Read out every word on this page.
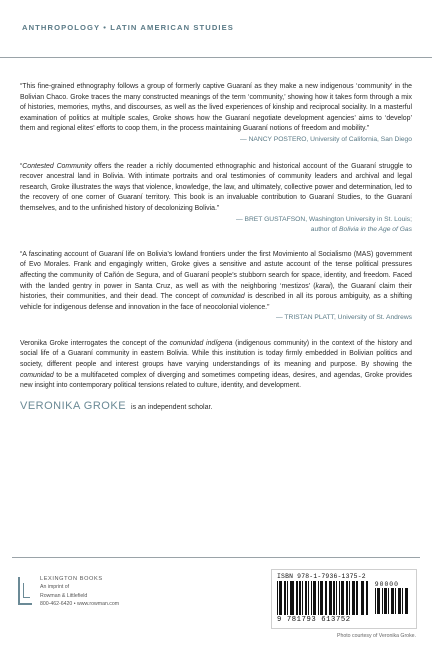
ANTHROPOLOGY • LATIN AMERICAN STUDIES
“This fine-grained ethnography follows a group of formerly captive Guaraní as they make a new indigenous ‘community’ in the Bolivian Chaco. Groke traces the many constructed meanings of the term ‘community,’ showing how it takes form through a mix of histories, memories, myths, and discourses, as well as the lived experiences of kinship and reciprocal sociality. In a masterful examination of politics at multiple scales, Groke shows how the Guaraní negotiate development agencies’ aims to ‘develop’ them and regional elites’ efforts to coop them, in the process maintaining Guaraní notions of freedom and mobility.”
— NANCY POSTERO, University of California, San Diego
“Contested Community offers the reader a richly documented ethnographic and historical account of the Guaraní struggle to recover ancestral land in Bolivia. With intimate portraits and oral testimonies of community leaders and archival and legal research, Groke illustrates the ways that violence, knowledge, the law, and ultimately, collective power and determination, led to the recovery of one corner of Guaraní territory. This book is an invaluable contribution to Guaraní Studies, to the Guaraní themselves, and to the unfinished history of decolonizing Bolivia.”
— BRET GUSTAFSON, Washington University in St. Louis;
author of Bolivia in the Age of Gas
“A fascinating account of Guaraní life on Bolivia’s lowland frontiers under the first Movimiento al Socialismo (MAS) government of Evo Morales. Frank and engagingly written, Groke gives a sensitive and astute account of the tense political pressures affecting the community of Cañón de Segura, and of Guaraní people’s stubborn search for space, identity, and freedom. Faced with the landed gentry in power in Santa Cruz, as well as with the neighboring ‘mestizos’ (karai), the Guaraní claim their histories, their communities, and their dead. The concept of comunidad is described in all its porous ambiguity, as a shifting vehicle for indigenous defense and innovation in the face of neocolonial violence.”
— TRISTAN PLATT, University of St. Andrews

Veronika Groke interrogates the concept of the comunidad indígena (indigenous community) in the context of the history and social life of a Guaraní community in eastern Bolivia. While this institution is today firmly embedded in Bolivian politics and society, different people and interest groups have varying understandings of its meaning and purpose. By showing the comunidad to be a multifaceted complex of diverging and sometimes competing ideas, desires, and agendas, Groke provides new insight into contemporary political tensions related to culture, identity, and development.

VERONIKA GROKE is an independent scholar.
LEXINGTON BOOKS
An imprint of
Rowman & Littlefield
800-462-6420 • www.rowman.com
ISBN 978-1-7936-1375-2
90000
9 781793 613752
Photo courtesy of Veronika Groke.
